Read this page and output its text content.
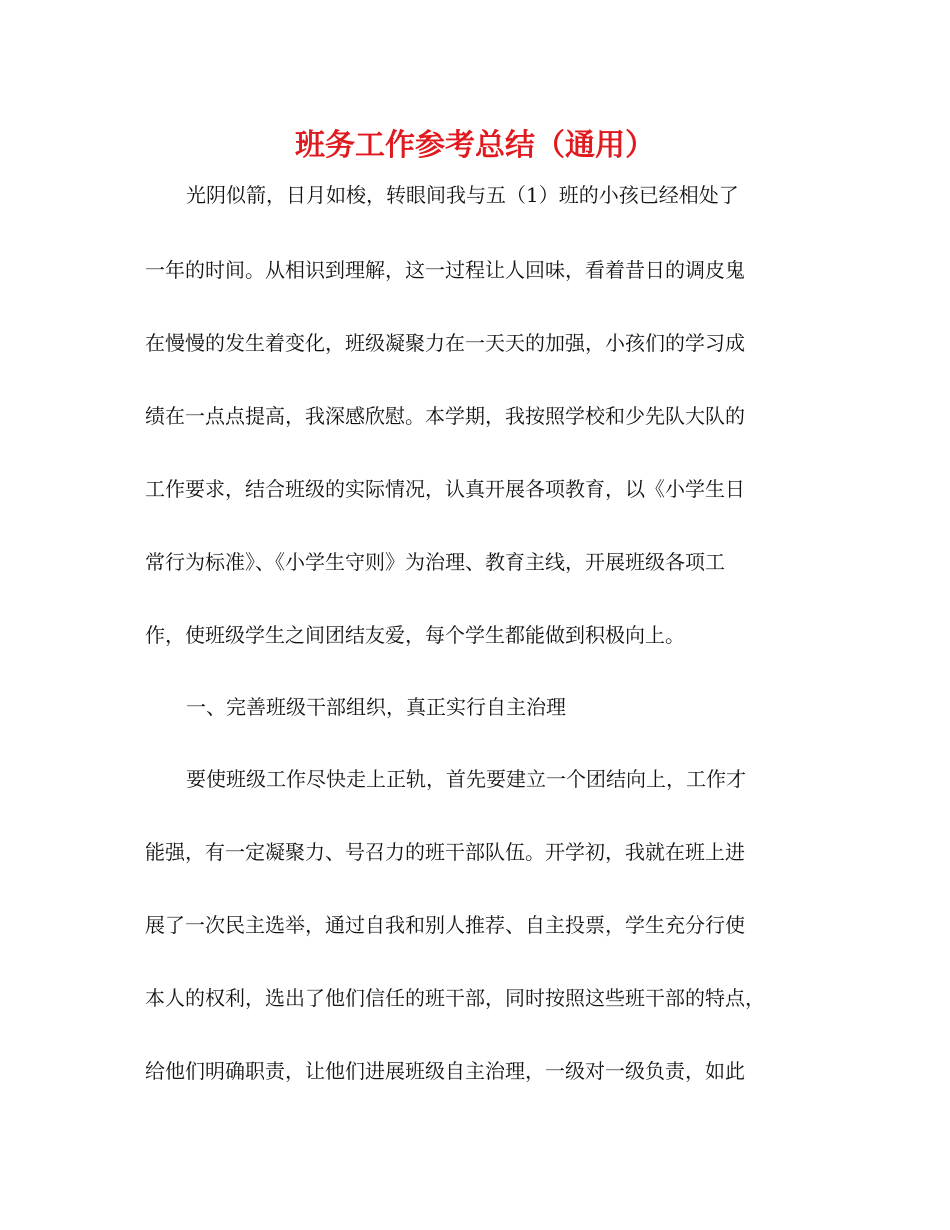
班务工作参考总结（通用）

光阴似箭，日月如梭，转眼间我与五（1）班的小孩已经相处了

一年的时间。从相识到理解，这一过程让人回味，看着昔日的调皮鬼

在慢慢的发生着变化，班级凝聚力在一天天的加强，小孩们的学习成

绩在一点点提高，我深感欣慰。本学期，我按照学校和少先队大队的

工作要求，结合班级的实际情况，认真开展各项教育，以《小学生日

常行为标准》、《小学生守则》为治理、教育主线，开展班级各项工

作，使班级学生之间团结友爱，每个学生都能做到积极向上。

一、完善班级干部组织，真正实行自主治理

要使班级工作尽快走上正轨，首先要建立一个团结向上，工作才

能强，有一定凝聚力、号召力的班干部队伍。开学初，我就在班上进

展了一次民主选举，通过自我和别人推荐、自主投票，学生充分行使

本人的权利，选出了他们信任的班干部，同时按照这些班干部的特点，

给他们明确职责，让他们进展班级自主治理，一级对一级负责，如此
